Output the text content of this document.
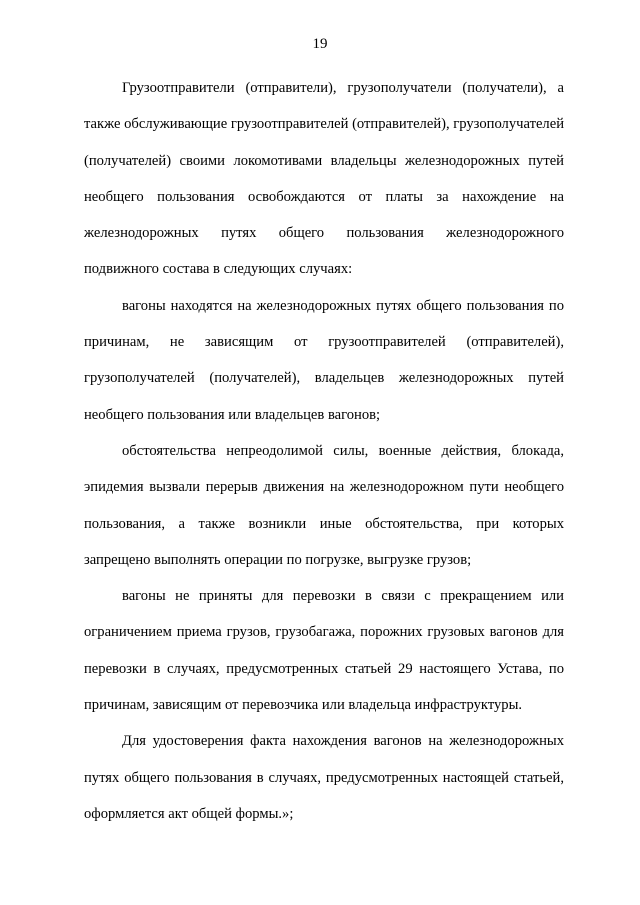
19

Грузоотправители (отправители), грузополучатели (получатели), а также обслуживающие грузоотправителей (отправителей), грузополучателей (получателей) своими локомотивами владельцы железнодорожных путей необщего пользования освобождаются от платы за нахождение на железнодорожных путях общего пользования железнодорожного подвижного состава в следующих случаях:

вагоны находятся на железнодорожных путях общего пользования по причинам, не зависящим от грузоотправителей (отправителей), грузополучателей (получателей), владельцев железнодорожных путей необщего пользования или владельцев вагонов;

обстоятельства непреодолимой силы, военные действия, блокада, эпидемия вызвали перерыв движения на железнодорожном пути необщего пользования, а также возникли иные обстоятельства, при которых запрещено выполнять операции по погрузке, выгрузке грузов;

вагоны не приняты для перевозки в связи с прекращением или ограничением приема грузов, грузобагажа, порожних грузовых вагонов для перевозки в случаях, предусмотренных статьей 29 настоящего Устава, по причинам, зависящим от перевозчика или владельца инфраструктуры.

Для удостоверения факта нахождения вагонов на железнодорожных путях общего пользования в случаях, предусмотренных настоящей статьей, оформляется акт общей формы.»;
